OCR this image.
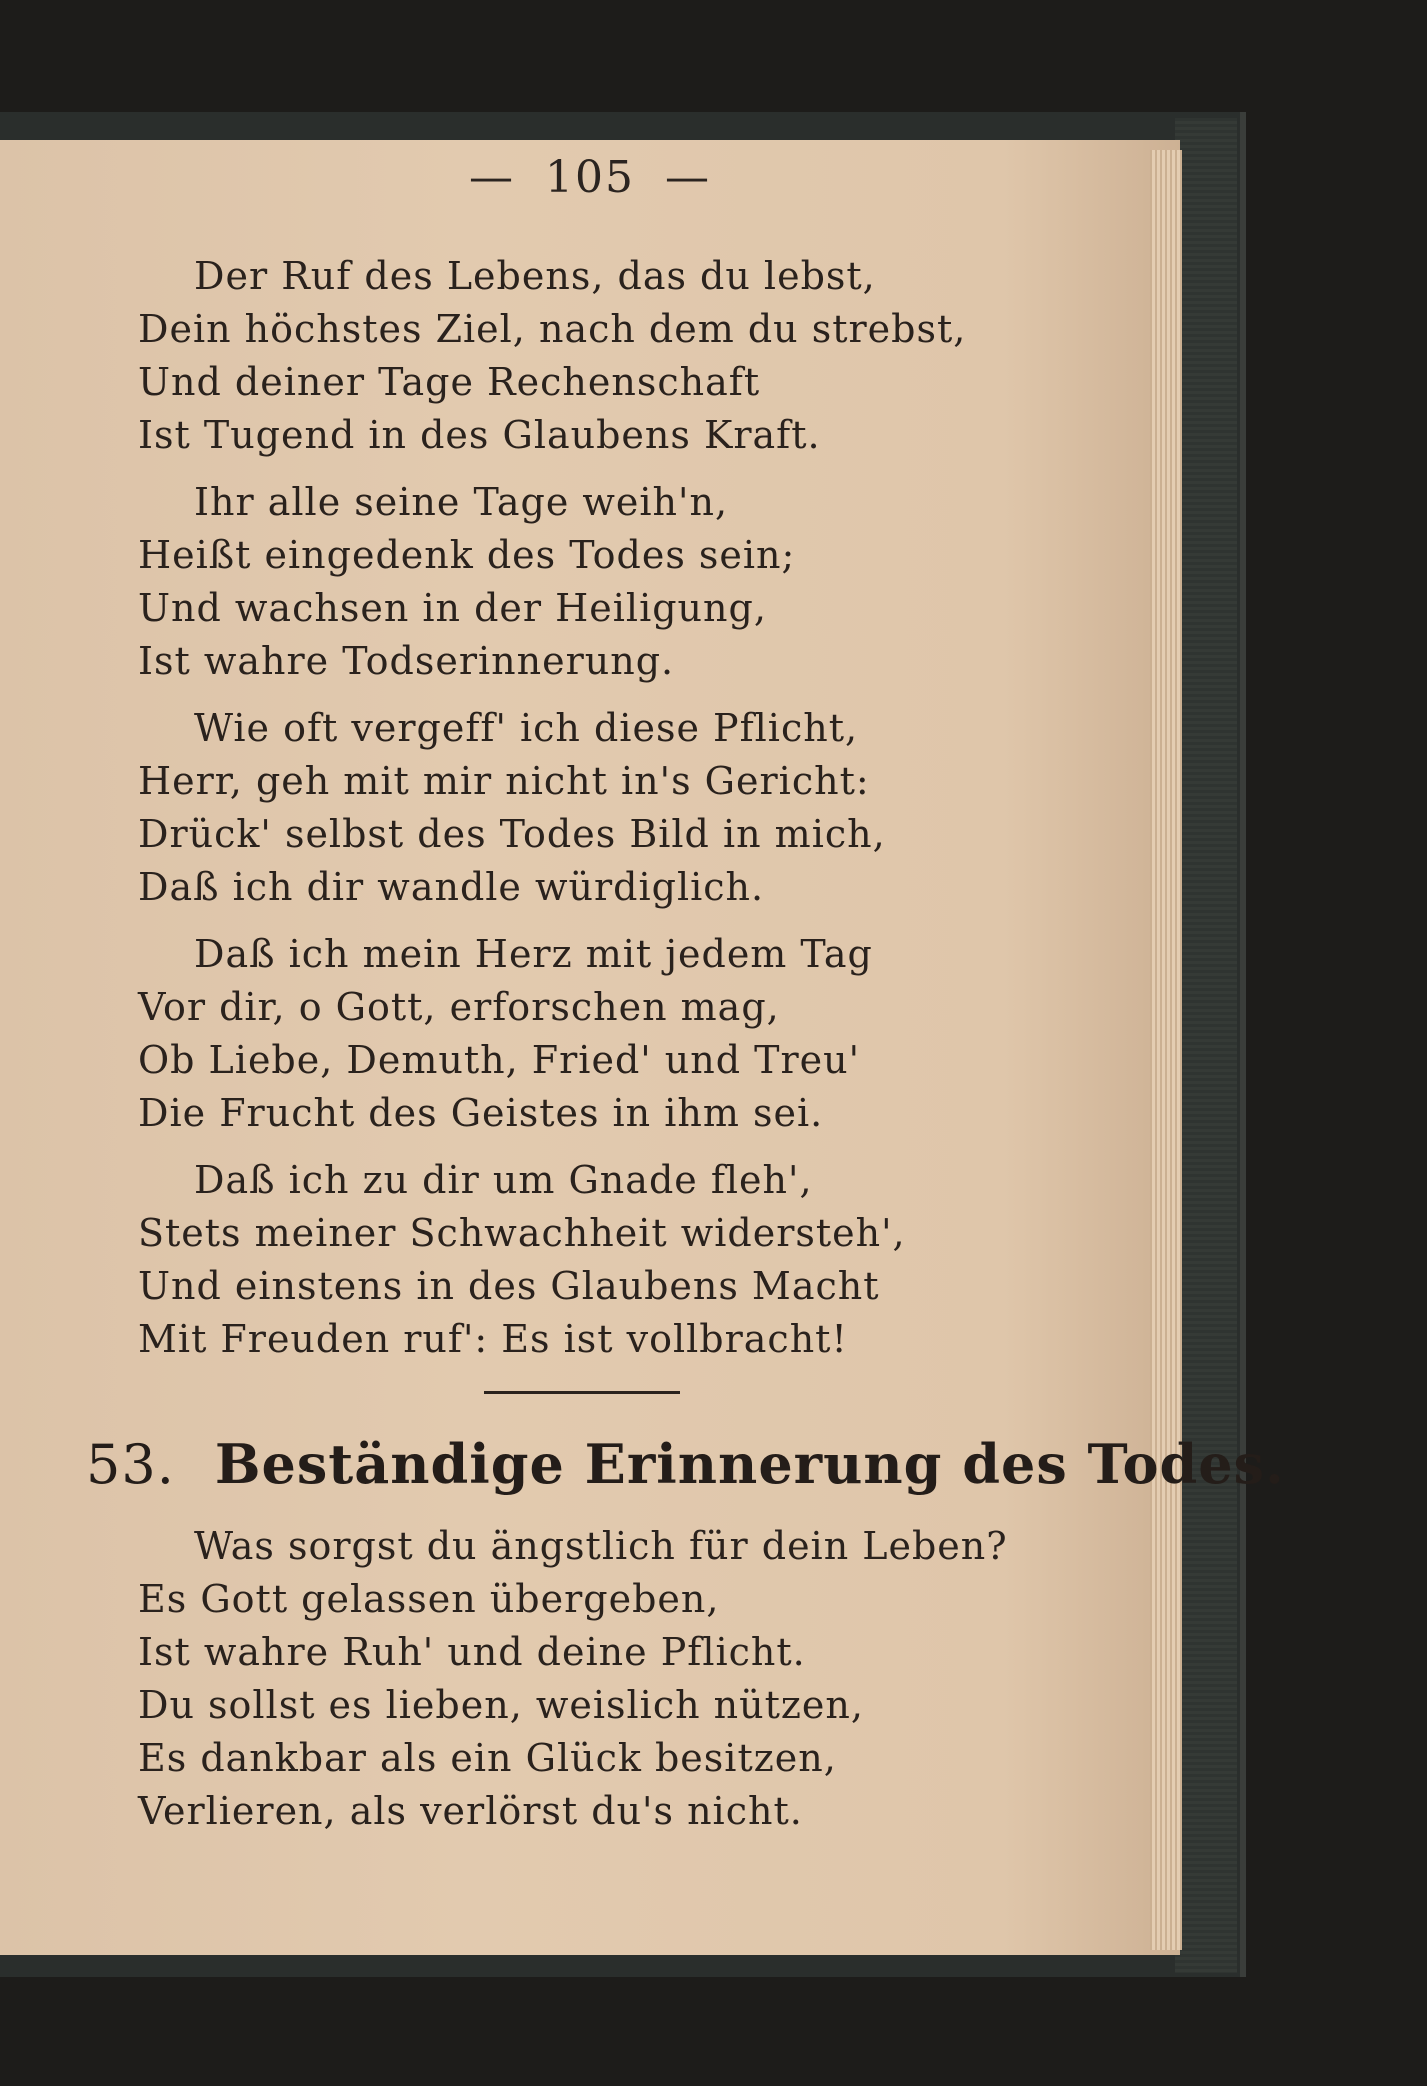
— 105 —
Der Ruf des Lebens, das du lebst,
Dein höchstes Ziel, nach dem du strebst,
Und deiner Tage Rechenschaft
Ist Tugend in des Glaubens Kraft.
Ihr alle seine Tage weih'n,
Heißt eingedenk des Todes sein;
Und wachsen in der Heiligung,
Ist wahre Todserinnerung.
Wie oft vergeff' ich diese Pflicht,
Herr, geh mit mir nicht in's Gericht:
Drück' selbst des Todes Bild in mich,
Daß ich dir wandle würdiglich.
Daß ich mein Herz mit jedem Tag
Vor dir, o Gott, erforschen mag,
Ob Liebe, Demuth, Fried' und Treu'
Die Frucht des Geistes in ihm sei.
Daß ich zu dir um Gnade fleh',
Stets meiner Schwachheit widersteh',
Und einstens in des Glaubens Macht
Mit Freuden ruf': Es ist vollbracht!
53. Beständige Erinnerung des Todes.
Was sorgst du ängstlich für dein Leben?
Es Gott gelassen übergeben,
Ist wahre Ruh' und deine Pflicht.
Du sollst es lieben, weislich nützen,
Es dankbar als ein Glück besitzen,
Verlieren, als verlörst du's nicht.
